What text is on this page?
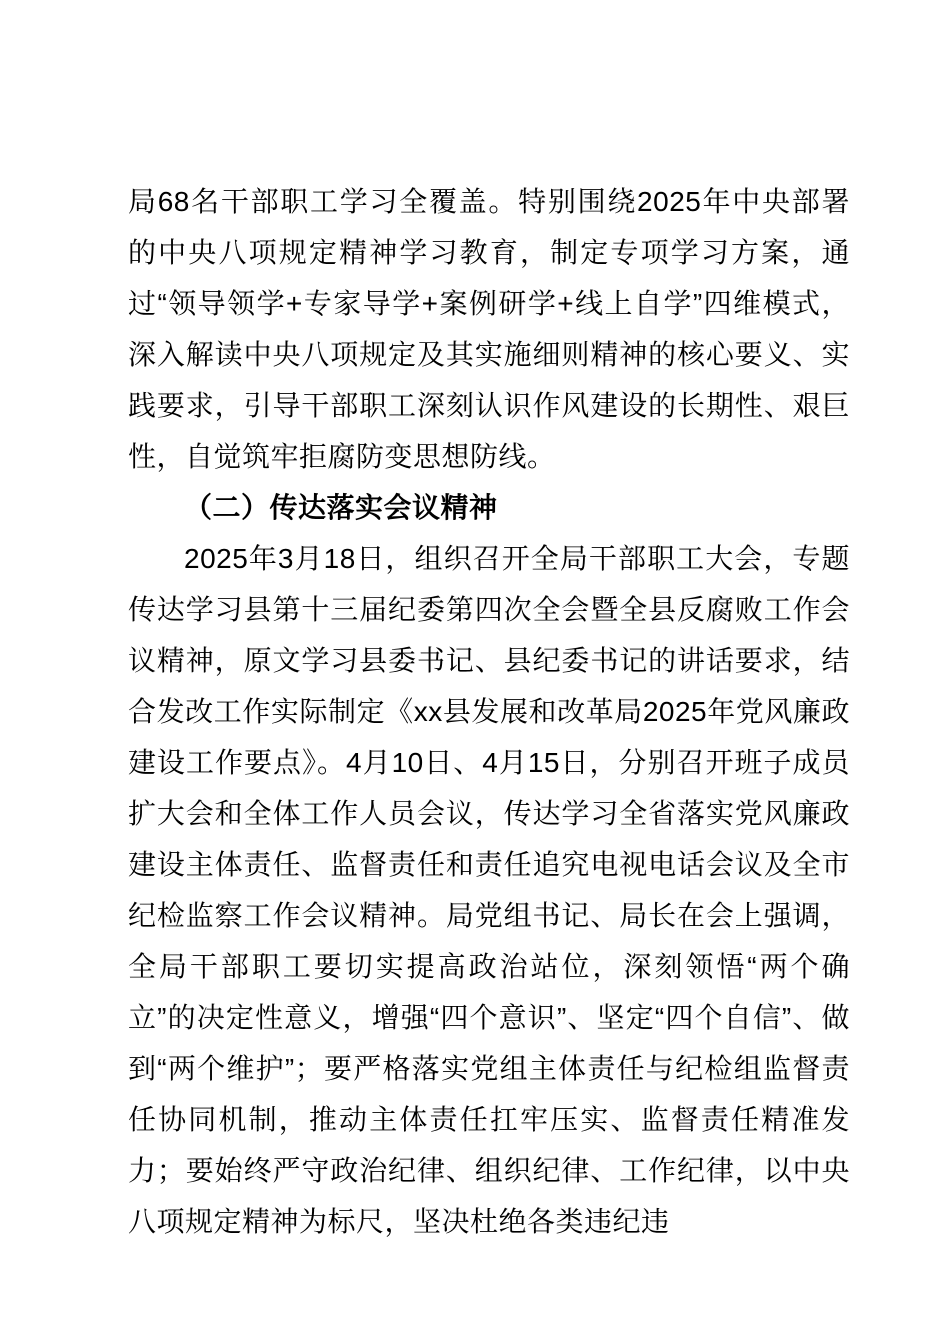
局68名干部职工学习全覆盖。特别围绕2025年中央部署的中央八项规定精神学习教育，制定专项学习方案，通过“领导领学+专家导学+案例研学+线上自学”四维模式，深入解读中央八项规定及其实施细则精神的核心要义、实践要求，引导干部职工深刻认识作风建设的长期性、艰巨性，自觉筑牢拒腐防变思想防线。

（二）传达落实会议精神

2025年3月18日，组织召开全局干部职工大会，专题传达学习县第十三届纪委第四次全会暨全县反腐败工作会议精神，原文学习县委书记、县纪委书记的讲话要求，结合发改工作实际制定《xx县发展和改革局2025年党风廉政建设工作要点》。4月10日、4月15日，分别召开班子成员扩大会和全体工作人员会议，传达学习全省落实党风廉政建设主体责任、监督责任和责任追究电视电话会议及全市纪检监察工作会议精神。局党组书记、局长在会上强调，全局干部职工要切实提高政治站位，深刻领悟“两个确立”的决定性意义，增强“四个意识”、坚定“四个自信”、做到“两个维护”；要严格落实党组主体责任与纪检组监督责任协同机制，推动主体责任扛牢压实、监督责任精准发力；要始终严守政治纪律、组织纪律、工作纪律，以中央八项规定精神为标尺，坚决杜绝各类违纪违
